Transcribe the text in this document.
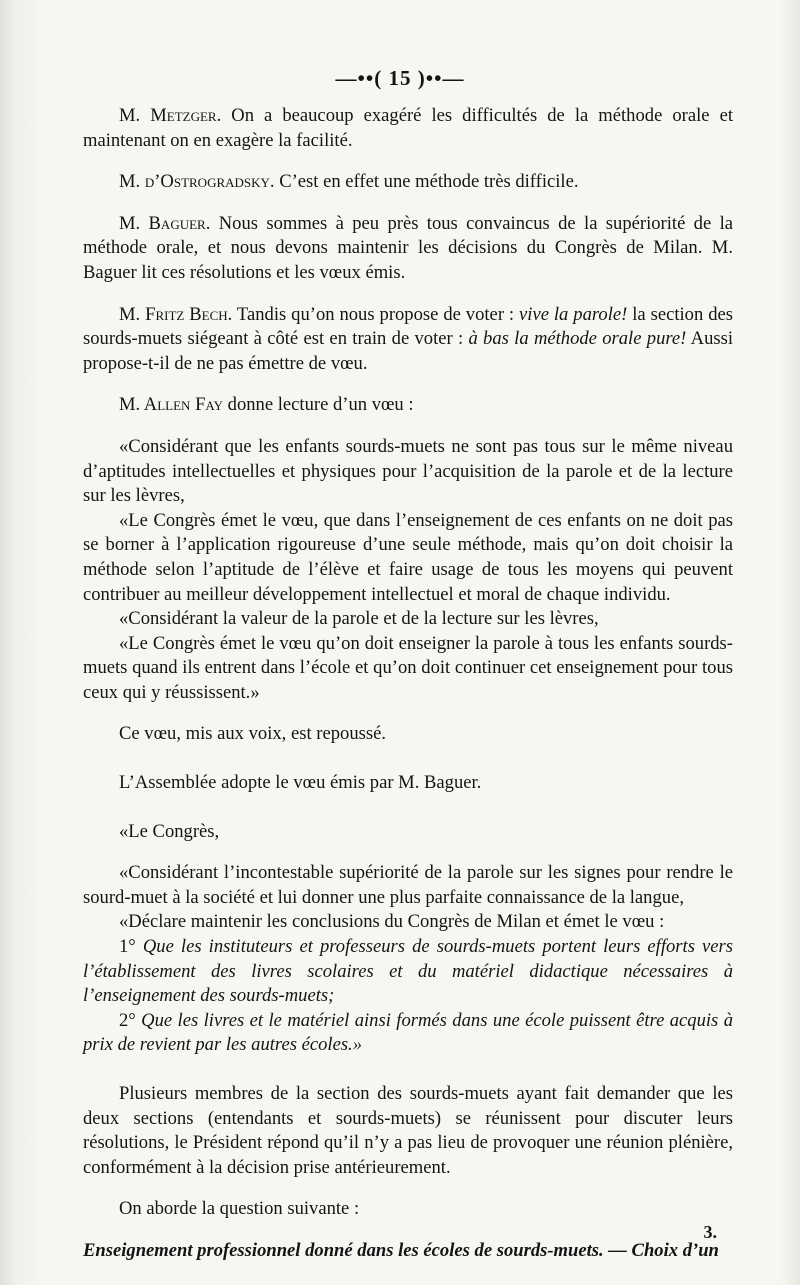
—••( 15 )••—

M. Metzger. On a beaucoup exagéré les difficultés de la méthode orale et maintenant on en exagère la facilité.

M. d’Ostrogradsky. C’est en effet une méthode très difficile.

M. Baguer. Nous sommes à peu près tous convaincus de la supériorité de la méthode orale, et nous devons maintenir les décisions du Congrès de Milan. M. Baguer lit ces résolutions et les vœux émis.

M. Fritz Bech. Tandis qu’on nous propose de voter : vive la parole! la section des sourds-muets siégeant à côté est en train de voter : à bas la méthode orale pure! Aussi propose-t-il de ne pas émettre de vœu.

M. Allen Fay donne lecture d’un vœu :

«Considérant que les enfants sourds-muets ne sont pas tous sur le même niveau d’aptitudes intellectuelles et physiques pour l’acquisition de la parole et de la lecture sur les lèvres,

«Le Congrès émet le vœu, que dans l’enseignement de ces enfants on ne doit pas se borner à l’application rigoureuse d’une seule méthode, mais qu’on doit choisir la méthode selon l’aptitude de l’élève et faire usage de tous les moyens qui peuvent contribuer au meilleur développement intellectuel et moral de chaque individu.

«Considérant la valeur de la parole et de la lecture sur les lèvres,

«Le Congrès émet le vœu qu’on doit enseigner la parole à tous les enfants sourds-muets quand ils entrent dans l’école et qu’on doit continuer cet enseignement pour tous ceux qui y réussissent.»

Ce vœu, mis aux voix, est repoussé.

L’Assemblée adopte le vœu émis par M. Baguer.

«Le Congrès,

«Considérant l’incontestable supériorité de la parole sur les signes pour rendre le sourd-muet à la société et lui donner une plus parfaite connaissance de la langue,

«Déclare maintenir les conclusions du Congrès de Milan et émet le vœu :

1° Que les instituteurs et professeurs de sourds-muets portent leurs efforts vers l’établissement des livres scolaires et du matériel didactique nécessaires à l’enseignement des sourds-muets;

2° Que les livres et le matériel ainsi formés dans une école puissent être acquis à prix de revient par les autres écoles.»

Plusieurs membres de la section des sourds-muets ayant fait demander que les deux sections (entendants et sourds-muets) se réunissent pour discuter leurs résolutions, le Président répond qu’il n’y a pas lieu de provoquer une réunion plénière, conformément à la décision prise antérieurement.

On aborde la question suivante :

Enseignement professionnel donné dans les écoles de sourds-muets. — Choix d’un

3.
